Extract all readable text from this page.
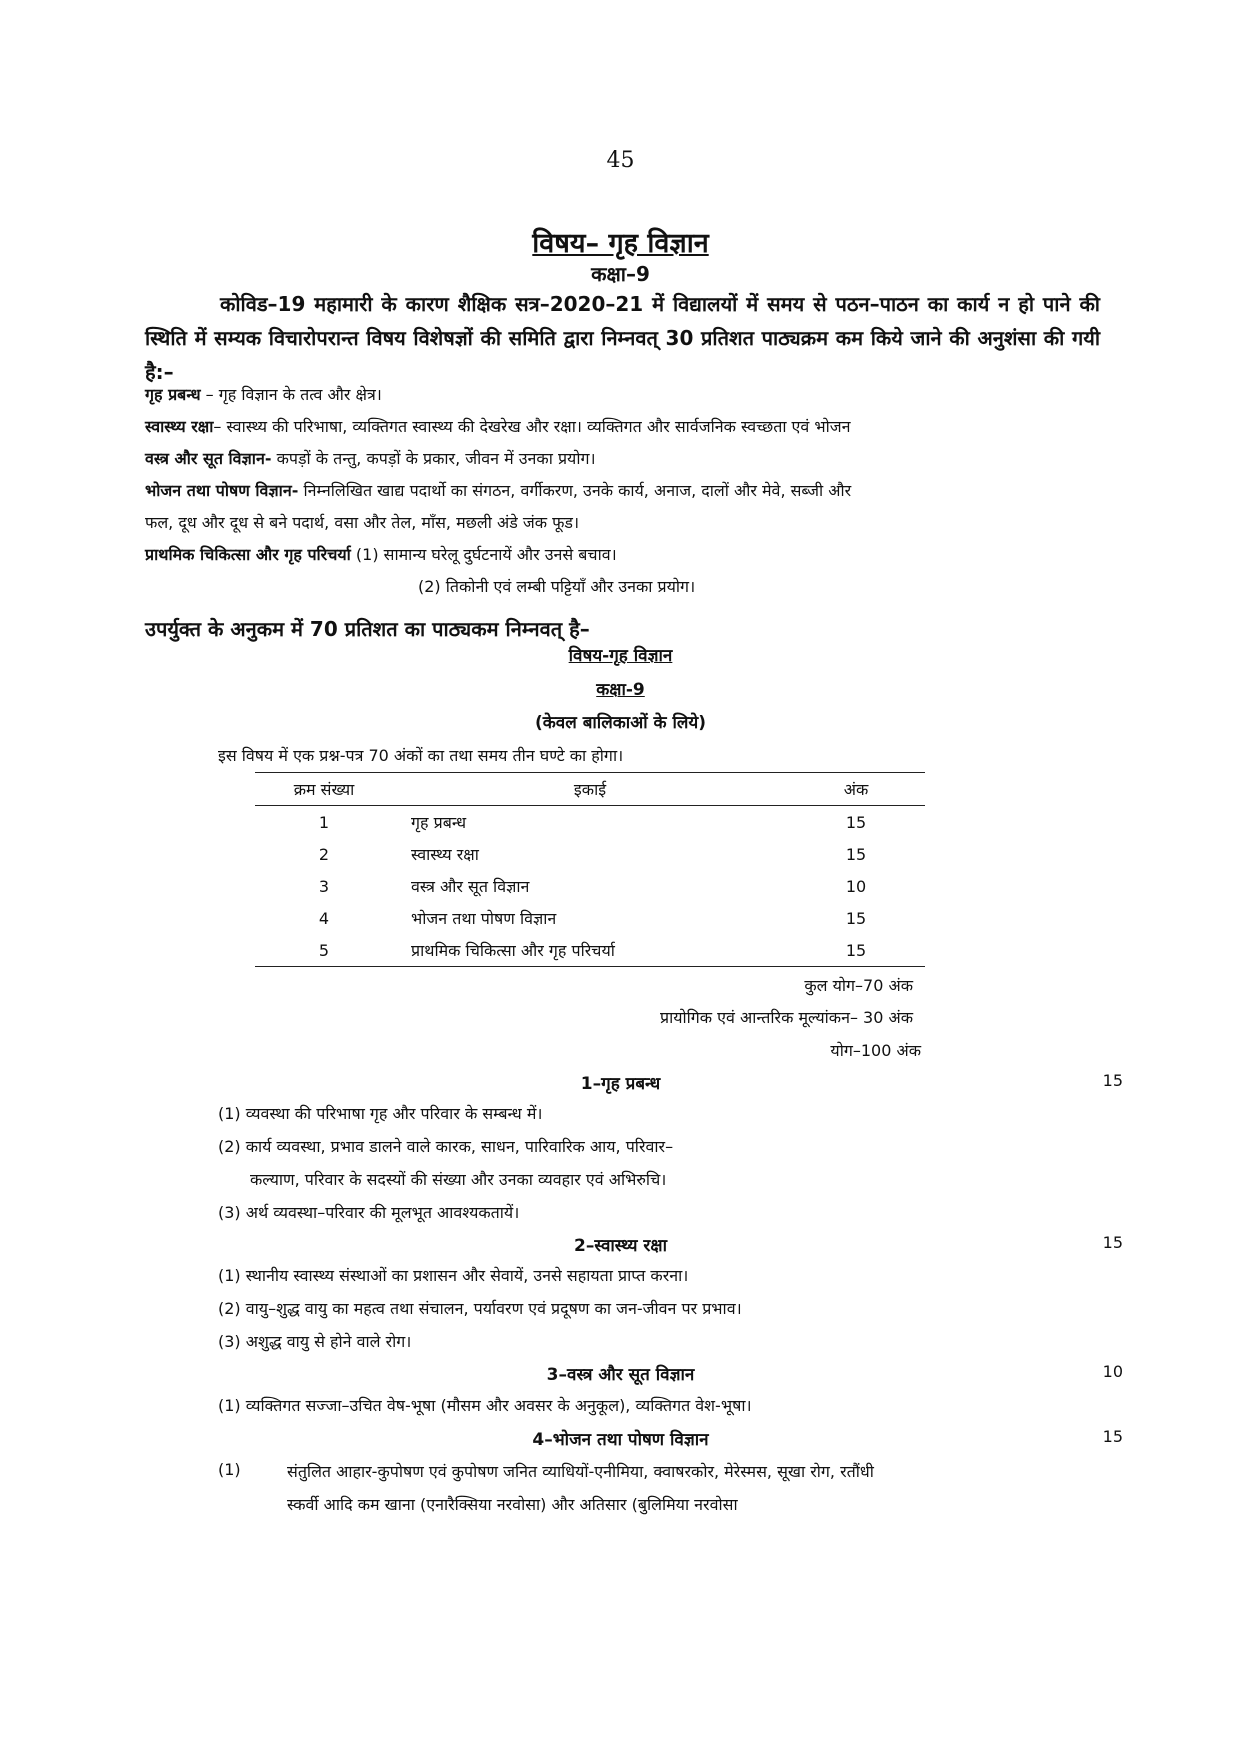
45
विषय– गृह विज्ञान
कक्षा–9
कोविड–19 महामारी के कारण शैक्षिक सत्र–2020–21 में विद्यालयों में समय से पठन–पाठन का कार्य न हो पाने की स्थिति में सम्यक विचारोपरान्त विषय विशेषज्ञों की समिति द्वारा निम्नवत् 30 प्रतिशत पाठ्यक्रम कम किये जाने की अनुशंसा की गयी है:–
गृह प्रबन्ध – गृह विज्ञान के तत्व और क्षेत्र।
स्वास्थ्य रक्षा– स्वास्थ्य की परिभाषा, व्यक्तिगत स्वास्थ्य की देखरेख और रक्षा। व्यक्तिगत और सार्वजनिक स्वच्छता एवं भोजन
वस्त्र और सूत विज्ञान- कपड़ों के तन्तु, कपड़ों के प्रकार, जीवन में उनका प्रयोग।
भोजन तथा पोषण विज्ञान- निम्नलिखित खाद्य पदार्थो का संगठन, वर्गीकरण, उनके कार्य, अनाज, दालों और मेवे, सब्जी और
फल, दूध और दूध से बने पदार्थ, वसा और तेल, माँस, मछली अंडे जंक फूड।
प्राथमिक चिकित्सा और गृह परिचर्या (1) सामान्य घरेलू दुर्घटनायें और उनसे बचाव।
(2) तिकोनी एवं लम्बी पट्टियाँ और उनका प्रयोग।
उपर्युक्त के अनुकम में 70 प्रतिशत का पाठ्यकम निम्नवत् है–
विषय-गृह विज्ञान
कक्षा-9
(केवल बालिकाओं के लिये)
इस विषय में एक प्रश्न-पत्र 70 अंकों का तथा समय तीन घण्टे का होगा।
क्रम संख्या	इकाई	अंक
1	गृह प्रबन्ध	15
2	स्वास्थ्य रक्षा	15
3	वस्त्र और सूत विज्ञान	10
4	भोजन तथा पोषण विज्ञान	15
5	प्राथमिक चिकित्सा और गृह परिचर्या	15
कुल योग–70 अंक
प्रायोगिक एवं आन्तरिक मूल्यांकन– 30 अंक
योग–100 अंक
1–गृह प्रबन्ध	15
(1) व्यवस्था की परिभाषा गृह और परिवार के सम्बन्ध में।
(2) कार्य व्यवस्था, प्रभाव डालने वाले कारक, साधन, पारिवारिक आय, परिवार–
कल्याण, परिवार के सदस्यों की संख्या और उनका व्यवहार एवं अभिरुचि।
(3) अर्थ व्यवस्था–परिवार की मूलभूत आवश्यकतायें।
2–स्वास्थ्य रक्षा	15
(1) स्थानीय स्वास्थ्य संस्थाओं का प्रशासन और सेवायें, उनसे सहायता प्राप्त करना।
(2) वायु–शुद्ध वायु का महत्व तथा संचालन, पर्यावरण एवं प्रदूषण का जन-जीवन पर प्रभाव।
(3) अशुद्ध वायु से होने वाले रोग।
3–वस्त्र और सूत विज्ञान	10
(1) व्यक्तिगत सज्जा–उचित वेष-भूषा (मौसम और अवसर के अनुकूल), व्यक्तिगत वेश-भूषा।
4–भोजन तथा पोषण विज्ञान	15
(1)	संतुलित आहार-कुपोषण एवं कुपोषण जनित व्याधियों-एनीमिया, क्वाषरकोर, मेरेस्मस, सूखा रोग, रतौंधी
स्कर्वी आदि कम खाना (एनारैक्सिया नरवोसा) और अतिसार (बुलिमिया नरवोसा
